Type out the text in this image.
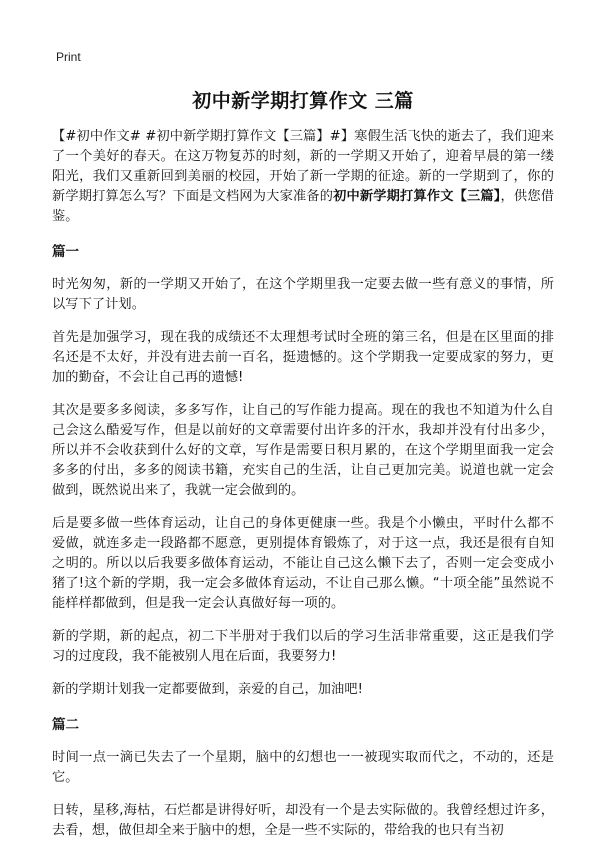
Print
初中新学期打算作文 三篇

【#初中作文# #初中新学期打算作文【三篇】#】寒假生活飞快的逝去了，我们迎来了一个美好的春天。在这万物复苏的时刻，新的一学期又开始了，迎着早晨的第一缕阳光，我们又重新回到美丽的校园，开始了新一学期的征途。新的一学期到了，你的新学期打算怎么写？下面是文档网为大家准备的初中新学期打算作文【三篇】，供您借鉴。

篇一

时光匆匆，新的一学期又开始了，在这个学期里我一定要去做一些有意义的事情，所以写下了计划。

首先是加强学习，现在我的成绩还不太理想考试时全班的第三名，但是在区里面的排名还是不太好，并没有进去前一百名，挺遗憾的。这个学期我一定要成家的努力，更加的勤奋，不会让自己再的遗憾!

其次是要多多阅读，多多写作，让自己的写作能力提高。现在的我也不知道为什么自己会这么酷爱写作，但是以前好的文章需要付出许多的汗水，我却并没有付出多少，所以并不会收获到什么好的文章，写作是需要日积月累的，在这个学期里面我一定会多多的付出，多多的阅读书籍，充实自己的生活，让自己更加完美。说道也就一定会做到，既然说出来了，我就一定会做到的。

后是要多做一些体育运动，让自己的身体更健康一些。我是个小懒虫，平时什么都不爱做，就连多走一段路都不愿意，更别提体育锻炼了，对于这一点，我还是很有自知之明的。所以以后我要多做体育运动，不能让自己这么懒下去了，否则一定会变成小猪了!这个新的学期，我一定会多做体育运动，不让自己那么懒。“十项全能”虽然说不能样样都做到，但是我一定会认真做好每一项的。

新的学期，新的起点，初二下半册对于我们以后的学习生活非常重要，这正是我们学习的过度段，我不能被别人甩在后面，我要努力!

新的学期计划我一定都要做到，亲爱的自己，加油吧!

篇二

时间一点一滴已失去了一个星期，脑中的幻想也一一被现实取而代之，不动的，还是它。

日转，星移,海枯，石烂都是讲得好听，却没有一个是去实际做的。我曾经想过许多，去看，想，做但却全来于脑中的想，全是一些不实际的，带给我的也只有当初
